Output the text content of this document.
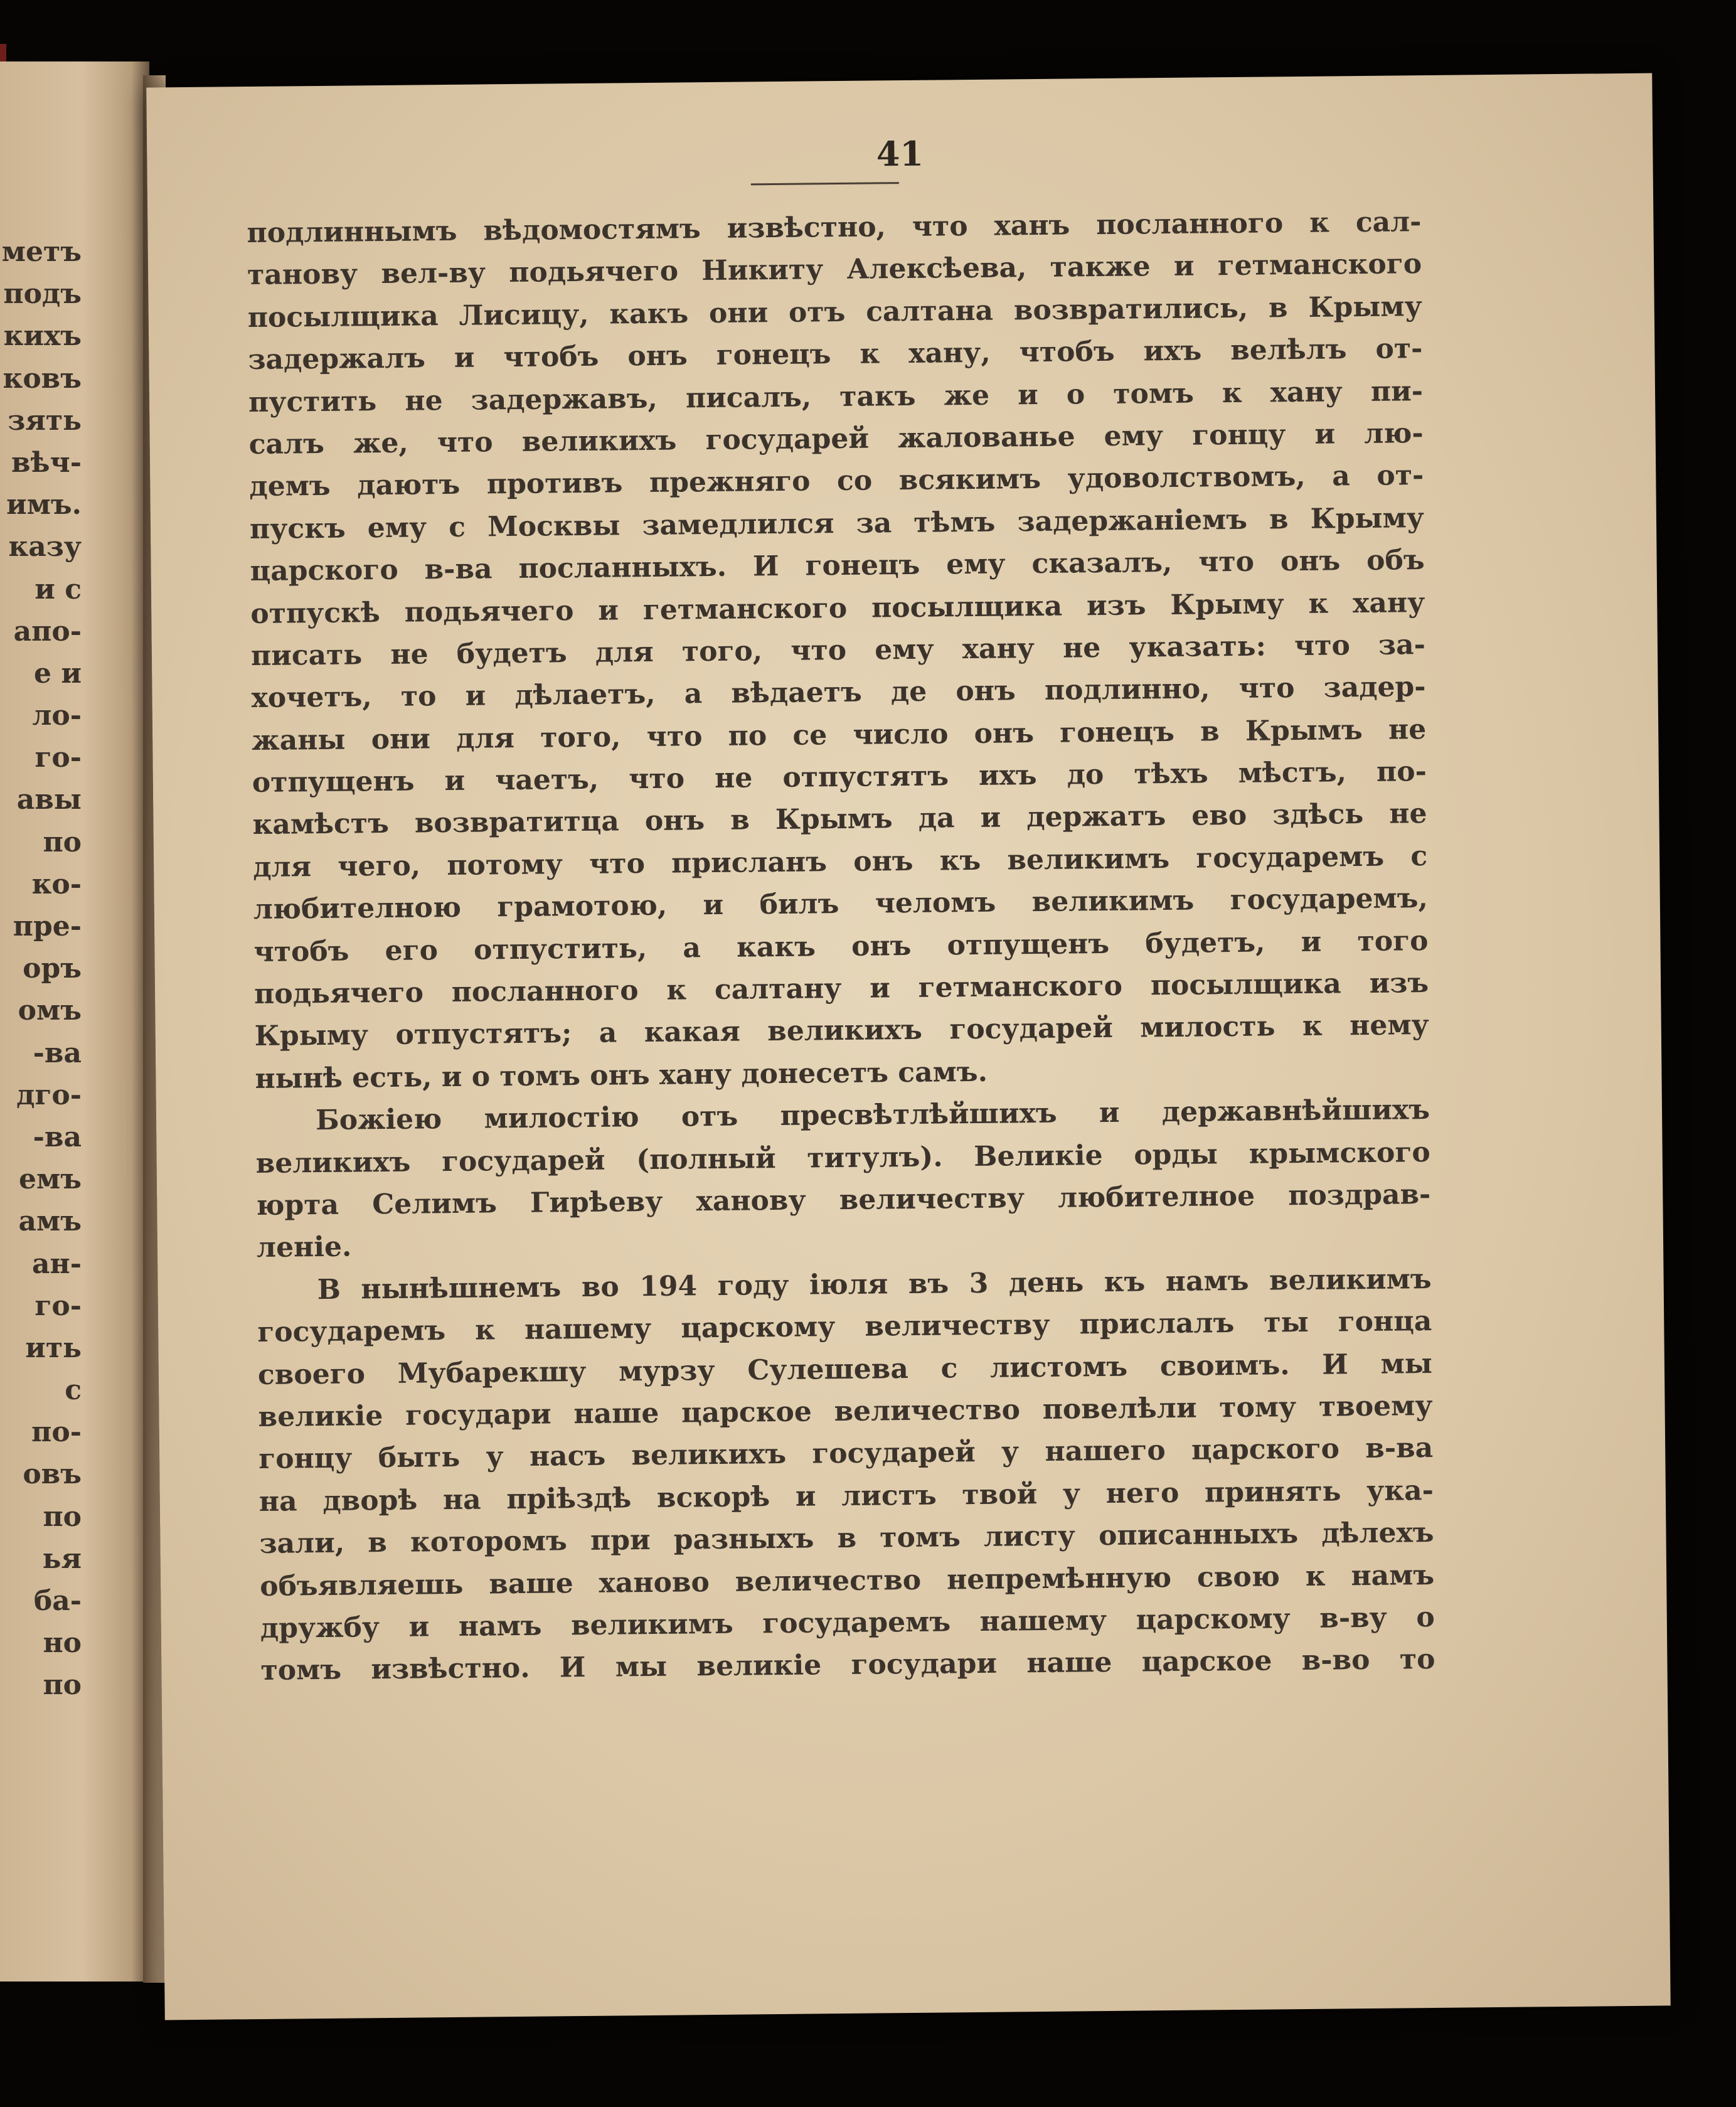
метъ
подъ
кихъ
ковъ
зять
вѣч-
имъ.
казу
и с
апо-
е и
ло-
го-
авы
по
ко-
пре-
оръ
омъ
-ва
дго-
-ва
емъ
амъ
ан-
го-
ить
с
по-
овъ
по
ья
ба-
но
по

41

подлиннымъ вѣдомостямъ извѣстно, что ханъ посланного к сал-
танову вел-ву подьячего Никиту Алексѣева, также и гетманского
посылщика Лисицу, какъ они отъ салтана возвратились, в Крыму
задержалъ и чтобъ онъ гонецъ к хану, чтобъ ихъ велѣлъ от-
пустить не задержавъ, писалъ, такъ же и о томъ к хану пи-
салъ же, что великихъ государей жалованье ему гонцу и лю-
демъ даютъ противъ прежняго со всякимъ удоволствомъ, а от-
пускъ ему с Москвы замедлился за тѣмъ задержаніемъ в Крыму
царского в-ва посланныхъ. И гонецъ ему сказалъ, что онъ объ
отпускѣ подьячего и гетманского посылщика изъ Крыму к хану
писать не будетъ для того, что ему хану не указать: что за-
хочетъ, то и дѣлаетъ, а вѣдаетъ де онъ подлинно, что задер-
жаны они для того, что по се число онъ гонецъ в Крымъ не
отпущенъ и чаетъ, что не отпустятъ ихъ до тѣхъ мѣстъ, по-
камѣстъ возвратитца онъ в Крымъ да и держатъ ево здѣсь не
для чего, потому что присланъ онъ къ великимъ государемъ с
любителною грамотою, и билъ челомъ великимъ государемъ,
чтобъ его отпустить, а какъ онъ отпущенъ будетъ, и того
подьячего посланного к салтану и гетманского посылщика изъ
Крыму отпустятъ; а какая великихъ государей милость к нему
нынѣ есть, и о томъ онъ хану донесетъ самъ.
Божіею милостію отъ пресвѣтлѣйшихъ и державнѣйшихъ
великихъ государей (полный титулъ). Великіе орды крымского
юрта Селимъ Гирѣеву ханову величеству любителное поздрав-
леніе.
В нынѣшнемъ во 194 году іюля въ 3 день къ намъ великимъ
государемъ к нашему царскому величеству прислалъ ты гонца
своего Мубарекшу мурзу Сулешева с листомъ своимъ. И мы
великіе государи наше царское величество повелѣли тому твоему
гонцу быть у насъ великихъ государей у нашего царского в-ва
на дворѣ на пріѣздѣ вскорѣ и листъ твой у него принять ука-
зали, в которомъ при разныхъ в томъ листу описанныхъ дѣлехъ
объявляешь ваше ханово величество непремѣнную свою к намъ
дружбу и намъ великимъ государемъ нашему царскому в-ву о
томъ извѣстно. И мы великіе государи наше царское в-во то
